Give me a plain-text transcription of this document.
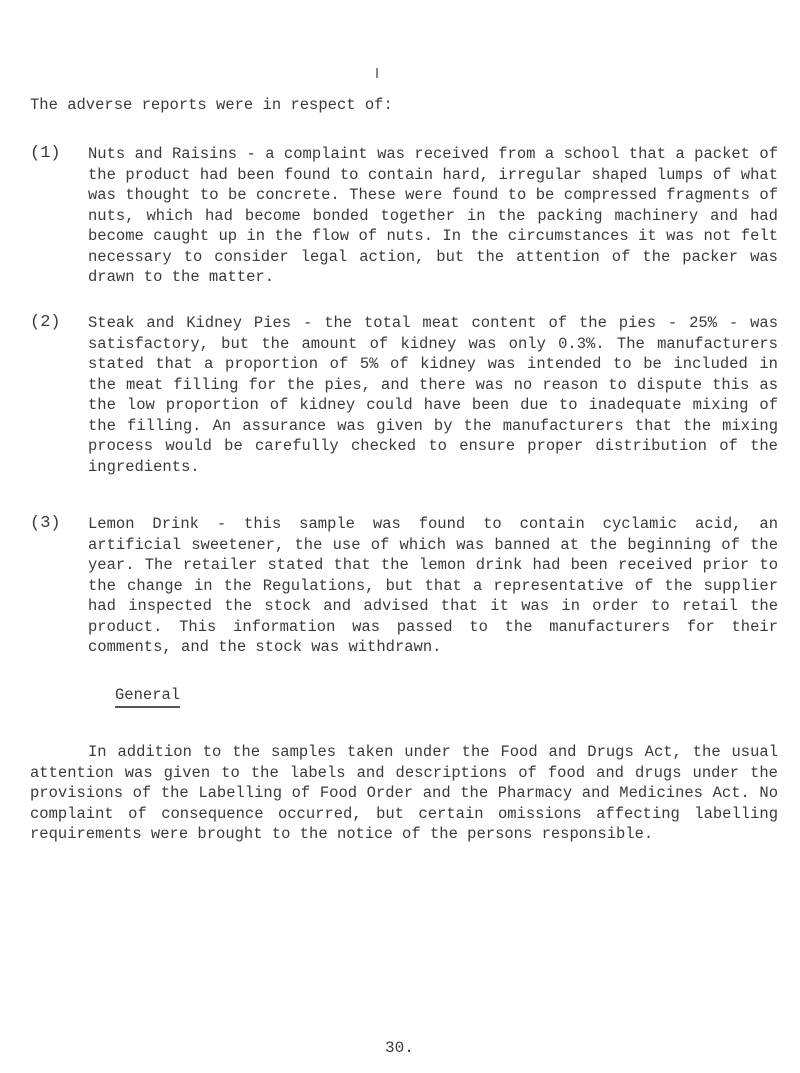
The adverse reports were in respect of:
(1) Nuts and Raisins - a complaint was received from a school that a packet of the product had been found to contain hard, irregular shaped lumps of what was thought to be concrete. These were found to be compressed fragments of nuts, which had become bonded together in the packing machinery and had become caught up in the flow of nuts. In the circumstances it was not felt necessary to consider legal action, but the attention of the packer was drawn to the matter.
(2) Steak and Kidney Pies - the total meat content of the pies - 25% - was satisfactory, but the amount of kidney was only 0.3%. The manufacturers stated that a proportion of 5% of kidney was intended to be included in the meat filling for the pies, and there was no reason to dispute this as the low proportion of kidney could have been due to inadequate mixing of the filling. An assurance was given by the manufacturers that the mixing process would be carefully checked to ensure proper distribution of the ingredients.
(3) Lemon Drink - this sample was found to contain cyclamic acid, an artificial sweetener, the use of which was banned at the beginning of the year. The retailer stated that the lemon drink had been received prior to the change in the Regulations, but that a representative of the supplier had inspected the stock and advised that it was in order to retail the product. This information was passed to the manufacturers for their comments, and the stock was withdrawn.
General
In addition to the samples taken under the Food and Drugs Act, the usual attention was given to the labels and descriptions of food and drugs under the provisions of the Labelling of Food Order and the Pharmacy and Medicines Act. No complaint of consequence occurred, but certain omissions affecting labelling requirements were brought to the notice of the persons responsible.
30.
